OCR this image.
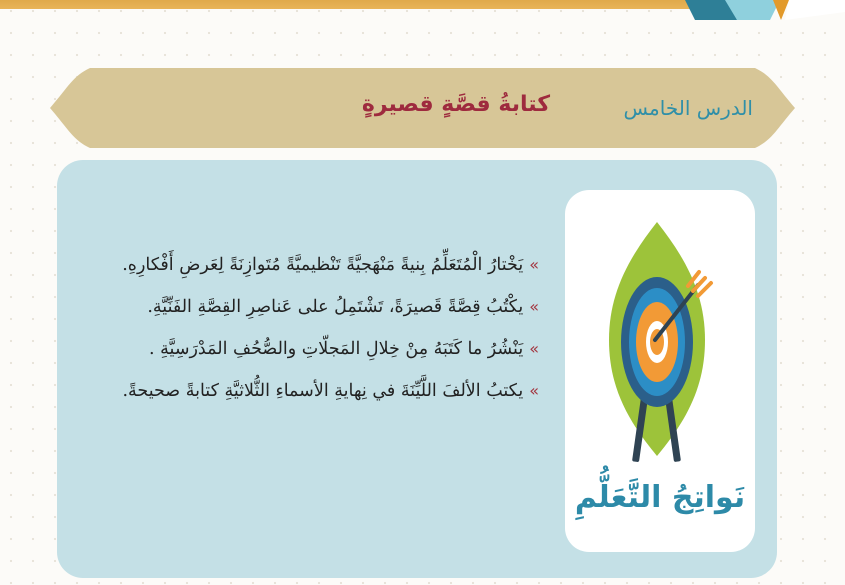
الدرس الخامس
كتابةُ قصَّةٍ قصيرةٍ
نَواتِجُ التَّعَلُّمِ
»
يَخْتارُ الْمُتَعَلِّمُ بِنيةً مَنْهَجيَّةً تَنْظيميَّةً مُتَوازِنَةً لِعَرضِ أَفْكارِهِ.
»
يكْتُبُ قِصَّةً قَصيرَةً، تَشْتَمِلُ على عَناصِرِ القِصَّةِ الفَنِّيَّةِ.
»
يَنْشُرُ ما كَتَبَهُ مِنْ خِلالِ المَجلّاتِ والصُّحُفِ المَدْرَسِيَّةِ .
»
يكتبُ الألفَ اللَّيِّنَةَ في نِهايةِ الأسماءِ الثُّلاثيَّةِ كتابةً صحيحةً.
